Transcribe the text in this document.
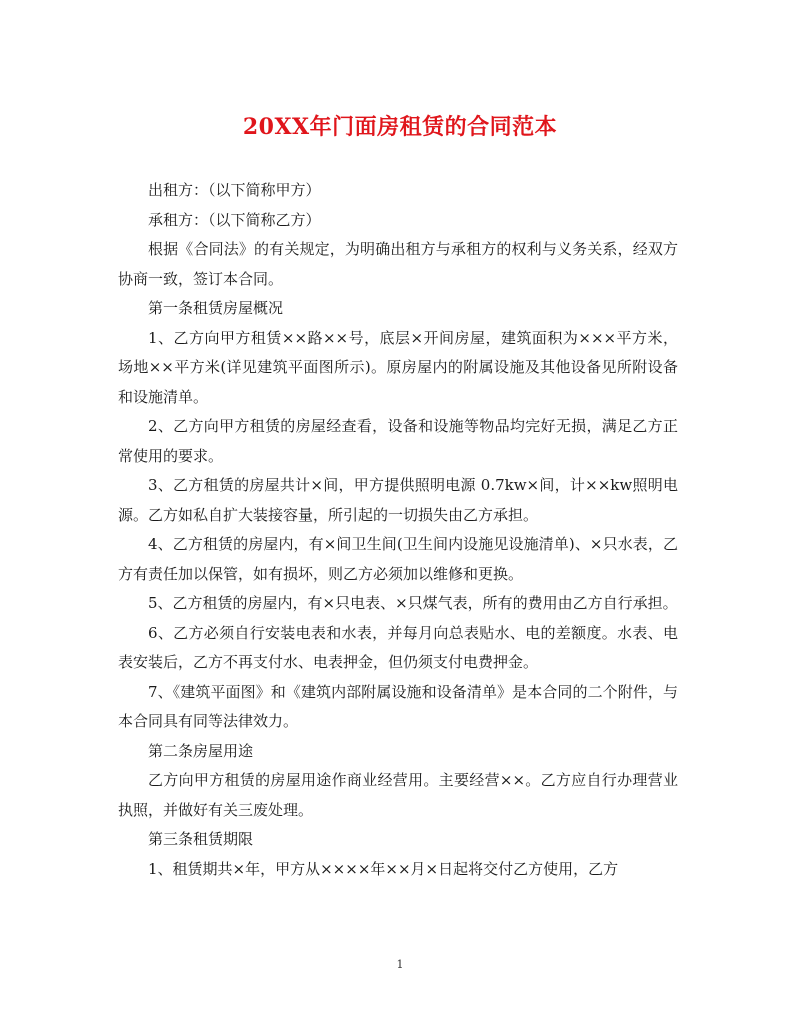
20XX年门面房租赁的合同范本

出租方：（以下简称甲方）

承租方：（以下简称乙方）

根据《合同法》的有关规定，为明确出租方与承租方的权利与义务关系，经双方协商一致，签订本合同。

第一条租赁房屋概况

1、乙方向甲方租赁××路××号，底层×开间房屋，建筑面积为×××平方米，场地××平方米(详见建筑平面图所示)。原房屋内的附属设施及其他设备见所附设备和设施清单。

2、乙方向甲方租赁的房屋经查看，设备和设施等物品均完好无损，满足乙方正常使用的要求。

3、乙方租赁的房屋共计×间，甲方提供照明电源 0.7kw×间，计××kw照明电源。乙方如私自扩大装接容量，所引起的一切损失由乙方承担。

4、乙方租赁的房屋内，有×间卫生间(卫生间内设施见设施清单)、×只水表，乙方有责任加以保管，如有损坏，则乙方必须加以维修和更换。

5、乙方租赁的房屋内，有×只电表、×只煤气表，所有的费用由乙方自行承担。

6、乙方必须自行安装电表和水表，并每月向总表贴水、电的差额度。水表、电表安装后，乙方不再支付水、电表押金，但仍须支付电费押金。

7、《建筑平面图》和《建筑内部附属设施和设备清单》是本合同的二个附件，与本合同具有同等法律效力。

第二条房屋用途

乙方向甲方租赁的房屋用途作商业经营用。主要经营××。乙方应自行办理营业执照，并做好有关三废处理。

第三条租赁期限

1、租赁期共×年，甲方从××××年××月×日起将交付乙方使用，乙方

1
